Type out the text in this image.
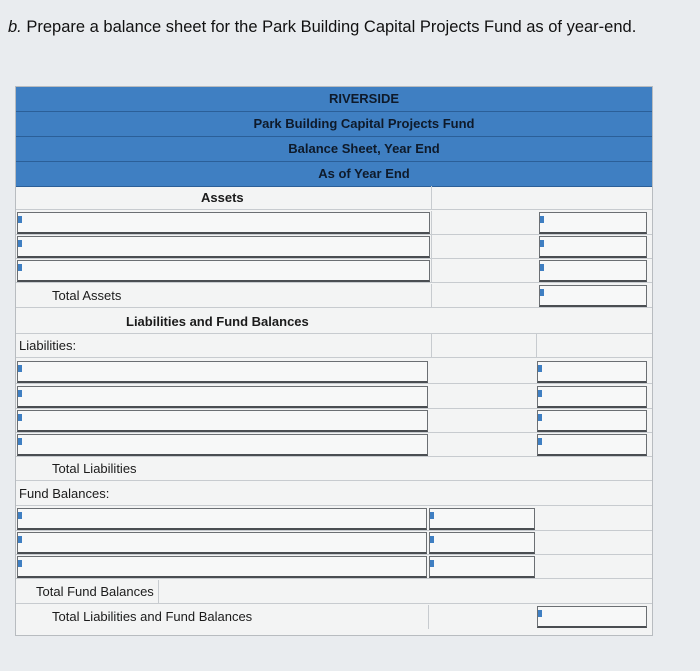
b. Prepare a balance sheet for the Park Building Capital Projects Fund as of year-end.
RIVERSIDE
Park Building Capital Projects Fund
Balance Sheet, Year End
As of Year End
Assets
Total Assets
Liabilities and Fund Balances
Liabilities:
Total Liabilities
Fund Balances:
Total Fund Balances
Total Liabilities and Fund Balances
